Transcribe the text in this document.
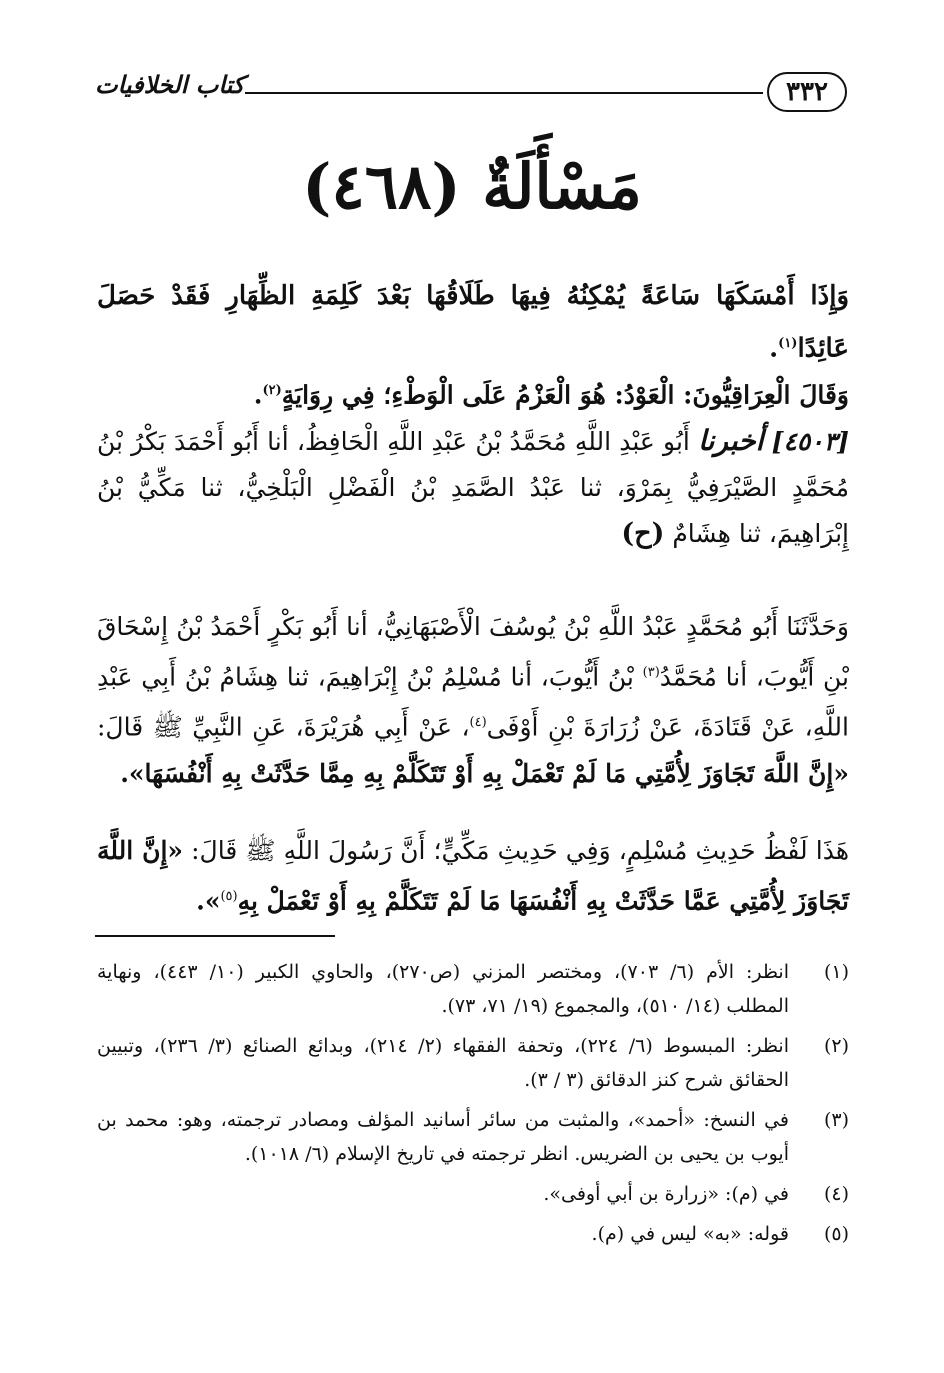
٣٣٢
كتاب الخلافيات
مَسْأَلَةٌ (٤٦٨)
وَإِذَا أَمْسَكَهَا سَاعَةً يُمْكِنُهُ فِيهَا طَلَاقُهَا بَعْدَ كَلِمَةِ الظِّهَارِ فَقَدْ حَصَلَ عَائِدًا$^{(١)}$.
وَقَالَ الْعِرَاقِيُّونَ: الْعَوْدُ: هُوَ الْعَزْمُ عَلَى الْوَطْءِ؛ فِي رِوَايَةٍ$^{(٢)}$.
[٤٥٠٣] أخبرنا أَبُو عَبْدِ اللَّهِ مُحَمَّدُ بْنُ عَبْدِ اللَّهِ الْحَافِظُ، أنا أَبُو أَحْمَدَ بَكْرُ بْنُ مُحَمَّدٍ الصَّيْرَفِيُّ بِمَرْوَ، ثنا عَبْدُ الصَّمَدِ بْنُ الْفَضْلِ الْبَلْخِيُّ، ثنا مَكِّيُّ بْنُ إِبْرَاهِيمَ، ثنا هِشَامٌ (ح)
وَحَدَّثَنَا أَبُو مُحَمَّدٍ عَبْدُ اللَّهِ بْنُ يُوسُفَ الْأَصْبَهَانِيُّ، أنا أَبُو بَكْرٍ أَحْمَدُ بْنُ إِسْحَاقَ بْنِ أَيُّوبَ، أنا مُحَمَّدُ$^{(٣)}$ بْنُ أَيُّوبَ، أنا مُسْلِمُ بْنُ إِبْرَاهِيمَ، ثنا هِشَامُ بْنُ أَبِي عَبْدِ اللَّهِ، عَنْ قَتَادَةَ، عَنْ زُرَارَةَ بْنِ أَوْفَى$^{(٤)}$، عَنْ أَبِي هُرَيْرَةَ، عَنِ النَّبِيِّ ﷺ قَالَ: «إِنَّ اللَّهَ تَجَاوَزَ لِأُمَّتِي مَا لَمْ تَعْمَلْ بِهِ أَوْ تَتَكَلَّمْ بِهِ مِمَّا حَدَّثَتْ بِهِ أَنْفُسَهَا».
هَذَا لَفْظُ حَدِيثِ مُسْلِمٍ، وَفِي حَدِيثِ مَكِّيٍّ؛ أَنَّ رَسُولَ اللَّهِ ﷺ قَالَ: «إِنَّ اللَّهَ تَجَاوَزَ لِأُمَّتِي عَمَّا حَدَّثَتْ بِهِ أَنْفُسَهَا مَا لَمْ تَتَكَلَّمْ بِهِ أَوْ تَعْمَلْ بِهِ$^{(٥)}$».
(١)
انظر: الأم (٦/ ٧٠٣)، ومختصر المزني (ص٢٧٠)، والحاوي الكبير (١٠/ ٤٤٣)، ونهاية المطلب (١٤/ ٥١٠)، والمجموع (١٩/ ٧١، ٧٣).
(٢)
انظر: المبسوط (٦/ ٢٢٤)، وتحفة الفقهاء (٢/ ٢١٤)، وبدائع الصنائع (٣/ ٢٣٦)، وتبيين الحقائق شرح كنز الدقائق (٣ / ٣).
(٣)
في النسخ: «أحمد»، والمثبت من سائر أسانيد المؤلف ومصادر ترجمته، وهو: محمد بن أيوب بن يحيى بن الضريس. انظر ترجمته في تاريخ الإسلام (٦/ ١٠١٨).
(٤)
في (م): «زرارة بن أبي أوفى».
(٥)
قوله: «به» ليس في (م).
